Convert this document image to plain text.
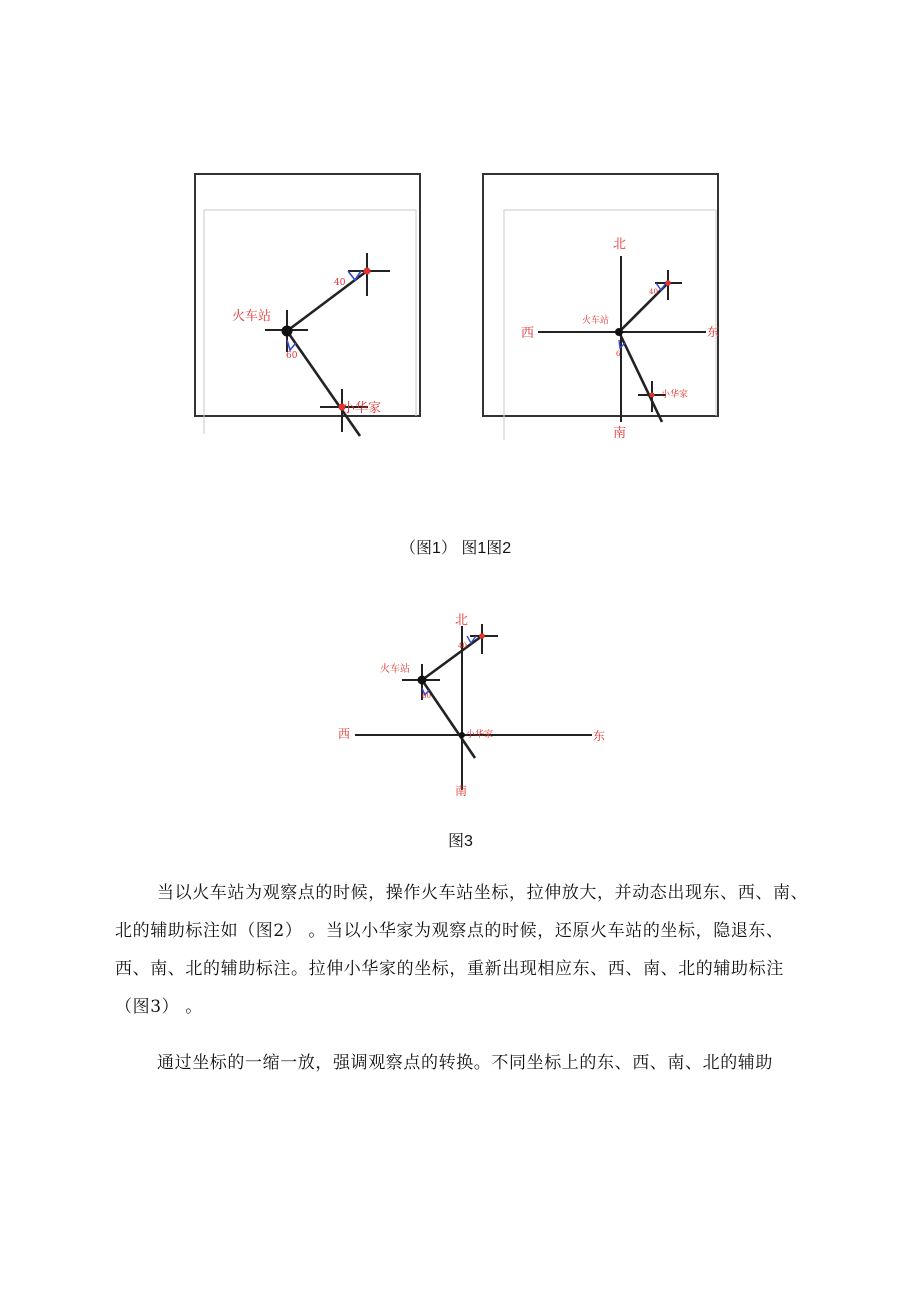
火车站
小华家
40
60
北
南
西	东
火车站
小华家
40
6
（图1） 图1图2
北
南
西	东
火车站
小华家
40
60
图3

当以火车站为观察点的时候，操作火车站坐标，拉伸放大，并动态出现东、西、南、北的辅助标注如（图2） 。当以小华家为观察点的时候，还原火车站的坐标，隐退东、西、南、北的辅助标注。拉伸小华家的坐标，重新出现相应东、西、南、北的辅助标注（图3） 。

通过坐标的一缩一放，强调观察点的转换。不同坐标上的东、西、南、北的辅助
